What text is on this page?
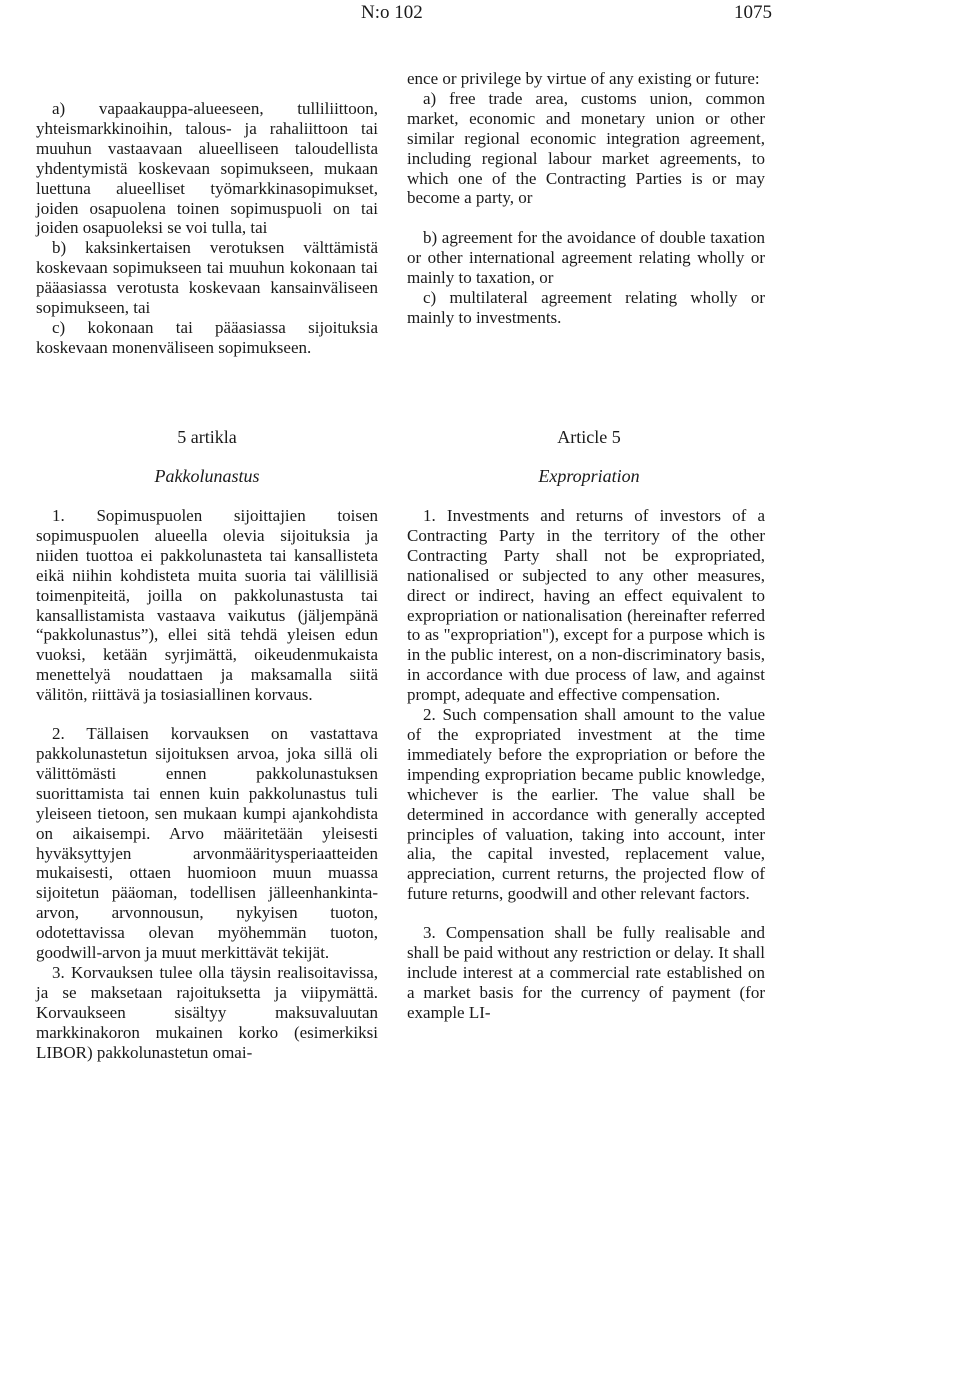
N:o 102	1075

a) vapaakauppa-alueeseen, tulliliittoon, yhteismarkkinoihin, talous- ja rahaliittoon tai muuhun vastaavaan alueelliseen taloudellista yhdentymistä koskevaan sopimukseen, mukaan luettuna alueelliset työmarkkinasopimukset, joiden osapuolena toinen sopimuspuoli on tai joiden osapuoleksi se voi tulla, tai

b) kaksinkertaisen verotuksen välttämistä koskevaan sopimukseen tai muuhun kokonaan tai pääasiassa verotusta koskevaan kansainväliseen sopimukseen, tai

c) kokonaan tai pääasiassa sijoituksia koskevaan monenväliseen sopimukseen.

ence or privilege by virtue of any existing or future:

a) free trade area, customs union, common market, economic and monetary union or other similar regional economic integration agreement, including regional labour market agreements, to which one of the Contracting Parties is or may become a party, or

b) agreement for the avoidance of double taxation or other international agreement relating wholly or mainly to taxation, or

c) multilateral agreement relating wholly or mainly to investments.

5 artikla	Article 5
Pakkolunastus	Expropriation

1. Sopimuspuolen sijoittajien toisen sopimuspuolen alueella olevia sijoituksia ja niiden tuottoa ei pakkolunasteta tai kansallisteta eikä niihin kohdisteta muita suoria tai välillisiä toimenpiteitä, joilla on pakkolunastusta tai kansallistamista vastaava vaikutus (jäljempänä “pakkolunastus”), ellei sitä tehdä yleisen edun vuoksi, ketään syrjimättä, oikeudenmukaista menettelyä noudattaen ja maksamalla siitä välitön, riittävä ja tosiasiallinen korvaus.

2. Tällaisen korvauksen on vastattava pakkolunastetun sijoituksen arvoa, joka sillä oli välittömästi ennen pakkolunastuksen suorittamista tai ennen kuin pakkolunastus tuli yleiseen tietoon, sen mukaan kumpi ajankohdista on aikaisempi. Arvo määritetään yleisesti hyväksyttyjen arvonmääritysperiaatteiden mukaisesti, ottaen huomioon muun muassa sijoitetun pääoman, todellisen jälleenhankinta-arvon, arvonnousun, nykyisen tuoton, odotettavissa olevan myöhemmän tuoton, goodwill-arvon ja muut merkittävät tekijät.

3. Korvauksen tulee olla täysin realisoitavissa, ja se maksetaan rajoituksetta ja viipymättä. Korvaukseen sisältyy maksuvaluutan markkinakoron mukainen korko (esimerkiksi LIBOR) pakkolunastetun omai-

1. Investments and returns of investors of a Contracting Party in the territory of the other Contracting Party shall not be expropriated, nationalised or subjected to any other measures, direct or indirect, having an effect equivalent to expropriation or nationalisation (hereinafter referred to as "expropriation"), except for a purpose which is in the public interest, on a non-discriminatory basis, in accordance with due process of law, and against prompt, adequate and effective compensation.

2. Such compensation shall amount to the value of the expropriated investment at the time immediately before the expropriation or before the impending expropriation became public knowledge, whichever is the earlier. The value shall be determined in accordance with generally accepted principles of valuation, taking into account, inter alia, the capital invested, replacement value, appreciation, current returns, the projected flow of future returns, goodwill and other relevant factors.

3. Compensation shall be fully realisable and shall be paid without any restriction or delay. It shall include interest at a commercial rate established on a market basis for the currency of payment (for example LI-
